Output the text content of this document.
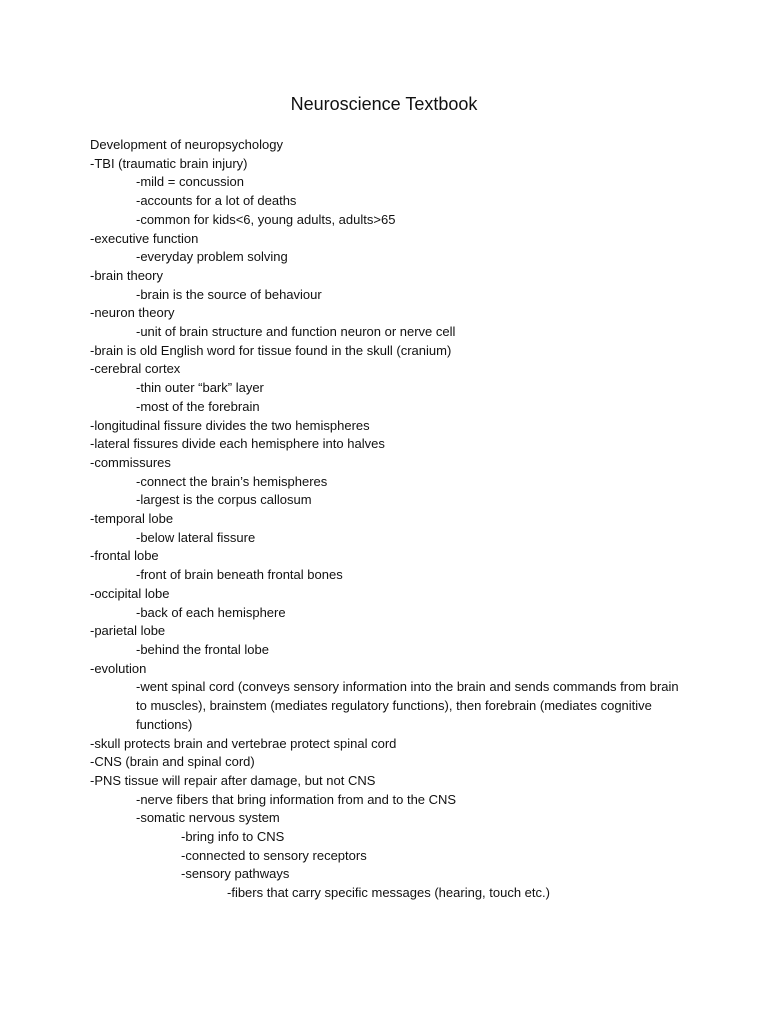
Neuroscience Textbook
Development of neuropsychology
-TBI (traumatic brain injury)
-mild = concussion
-accounts for a lot of deaths
-common for kids<6, young adults, adults>65
-executive function
-everyday problem solving
-brain theory
-brain is the source of behaviour
-neuron theory
-unit of brain structure and function neuron or nerve cell
-brain is old English word for tissue found in the skull (cranium)
-cerebral cortex
-thin outer “bark” layer
-most of the forebrain
-longitudinal fissure divides the two hemispheres
-lateral fissures divide each hemisphere into halves
-commissures
-connect the brain’s hemispheres
-largest is the corpus callosum
-temporal lobe
-below lateral fissure
-frontal lobe
-front of brain beneath frontal bones
-occipital lobe
-back of each hemisphere
-parietal lobe
-behind the frontal lobe
-evolution
-went spinal cord (conveys sensory information into the brain and sends commands from brain to muscles), brainstem (mediates regulatory functions), then forebrain (mediates cognitive functions)
-skull protects brain and vertebrae protect spinal cord
-CNS (brain and spinal cord)
-PNS tissue will repair after damage, but not CNS
-nerve fibers that bring information from and to the CNS
-somatic nervous system
-bring info to CNS
-connected to sensory receptors
-sensory pathways
-fibers that carry specific messages (hearing, touch etc.)
